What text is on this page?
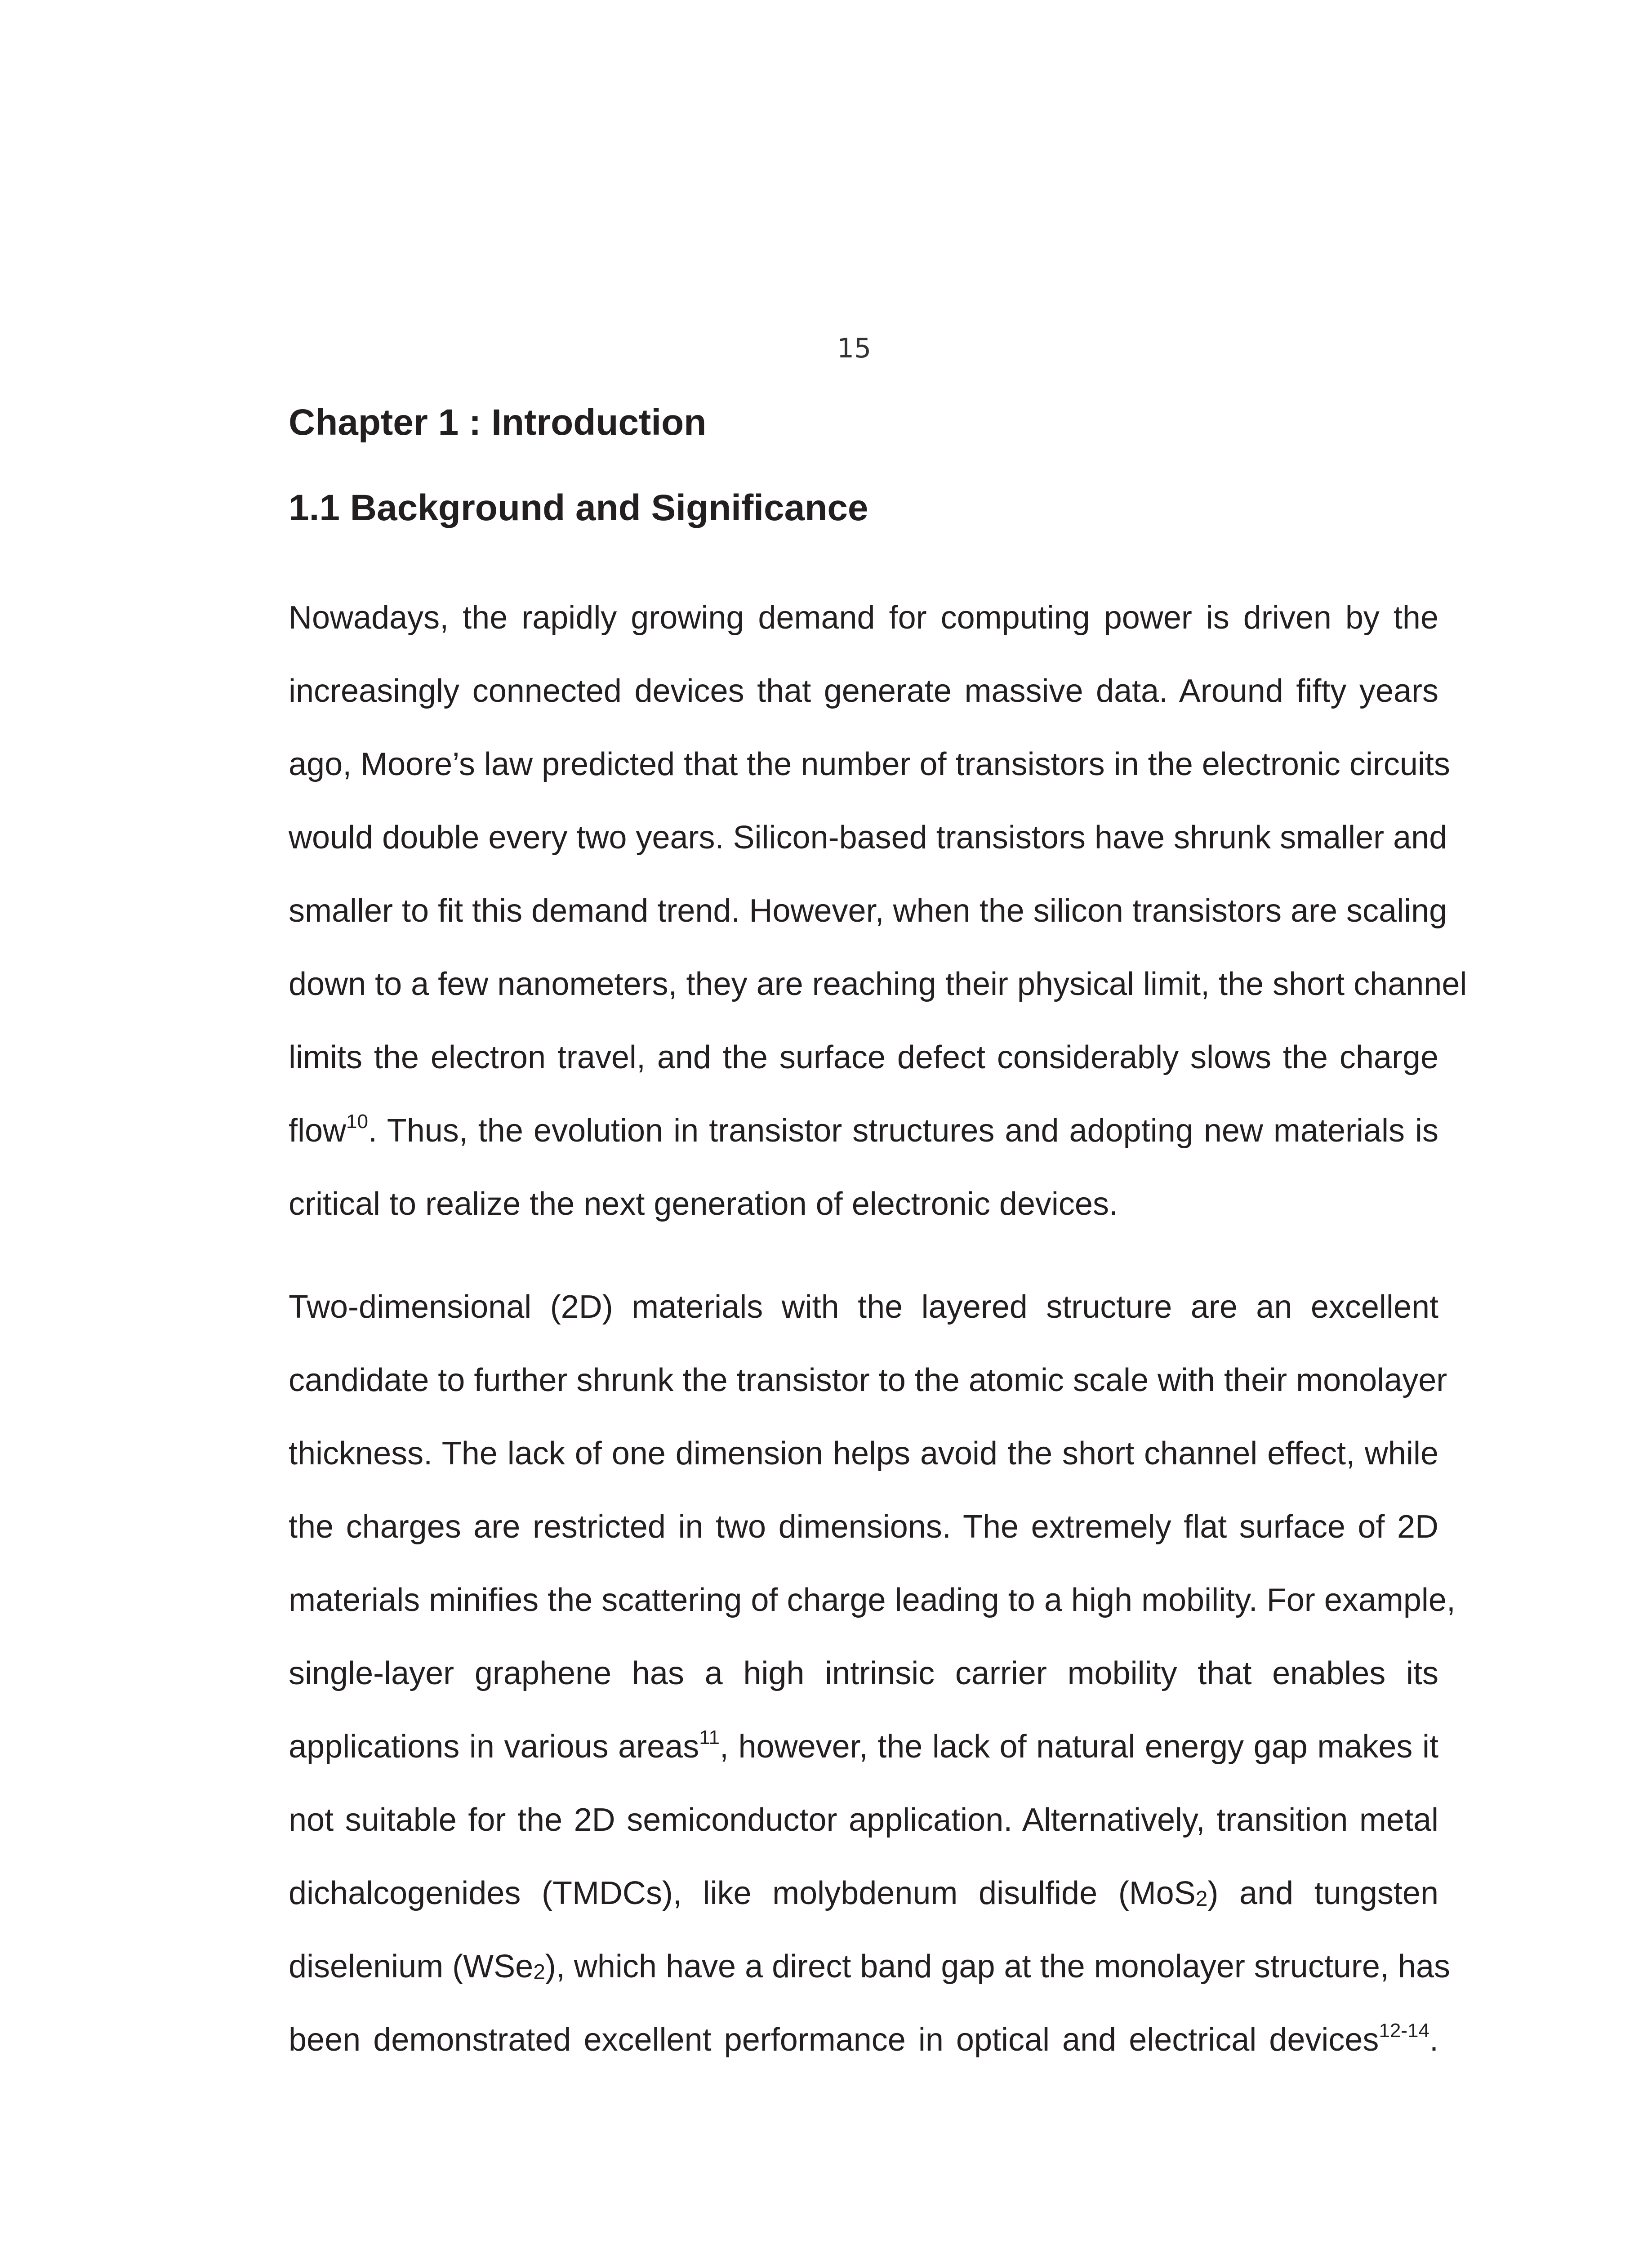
15
Chapter 1 : Introduction
1.1 Background and Significance

Nowadays, the rapidly growing demand for computing power is driven by the
increasingly connected devices that generate massive data. Around fifty years
ago, Moore’s law predicted that the number of transistors in the electronic circuits
would double every two years. Silicon-based transistors have shrunk smaller and
smaller to fit this demand trend. However, when the silicon transistors are scaling
down to a few nanometers, they are reaching their physical limit, the short channel
limits the electron travel, and the surface defect considerably slows the charge
flow$^{10}$. Thus, the evolution in transistor structures and adopting new materials is
critical to realize the next generation of electronic devices.

Two-dimensional (2D) materials with the layered structure are an excellent
candidate to further shrunk the transistor to the atomic scale with their monolayer
thickness. The lack of one dimension helps avoid the short channel effect, while
the charges are restricted in two dimensions. The extremely flat surface of 2D
materials minifies the scattering of charge leading to a high mobility. For example,
single-layer graphene has a high intrinsic carrier mobility that enables its
applications in various areas$^{11}$, however, the lack of natural energy gap makes it
not suitable for the 2D semiconductor application. Alternatively, transition metal
dichalcogenides (TMDCs), like molybdenum disulfide (MoS$_2$) and tungsten
diselenium (WSe$_2$), which have a direct band gap at the monolayer structure, has
been demonstrated excellent performance in optical and electrical devices$^{12-14}$.
